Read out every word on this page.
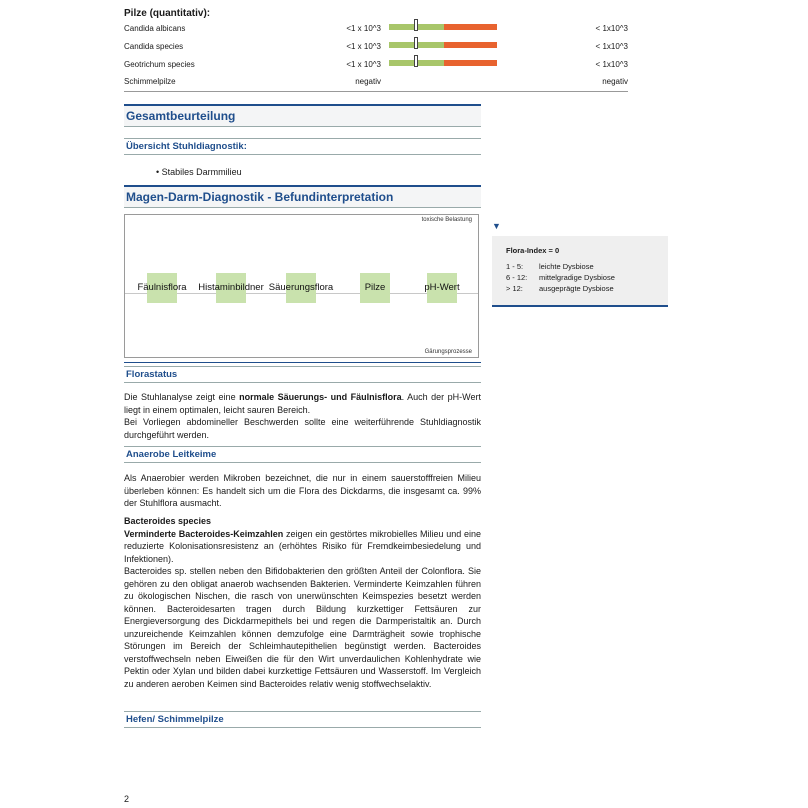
Pilze (quantitativ):
Candida albicans	<1 x 10^3	< 1x10^3
Candida species	<1 x 10^3	< 1x10^3
Geotrichum species	<1 x 10^3	< 1x10^3
Schimmelpilze	negativ	negativ
Gesamtbeurteilung
Übersicht Stuhldiagnostik:
• Stabiles Darmmilieu
Magen-Darm-Diagnostik - Befundinterpretation
toxische Belastung
Fäulnisflora Histaminbildner Säuerungsflora	Pilze	pH-Wert
Gärungsprozesse
▼
Flora-Index = 0
1 - 5:	leichte Dysbiose
6 - 12:	mittelgradige Dysbiose
> 12:	ausgeprägte Dysbiose
Florastatus
Die Stuhlanalyse zeigt eine normale Säuerungs- und Fäulnisflora. Auch der pH-Wert liegt in einem optimalen, leicht sauren Bereich.
Bei Vorliegen abdomineller Beschwerden sollte eine weiterführende Stuhldiagnostik durchgeführt werden.
Anaerobe Leitkeime
Als Anaerobier werden Mikroben bezeichnet, die nur in einem sauerstofffreien Milieu überleben können: Es handelt sich um die Flora des Dickdarms, die insgesamt ca. 99% der Stuhlflora ausmacht.
Bacteroides species
Verminderte Bacteroides-Keimzahlen zeigen ein gestörtes mikrobielles Milieu und eine reduzierte Kolonisationsresistenz an (erhöhtes Risiko für Fremdkeimbesiedelung und Infektionen).
Bacteroides sp. stellen neben den Bifidobakterien den größten Anteil der Colonflora. Sie gehören zu den obligat anaerob wachsenden Bakterien. Verminderte Keimzahlen führen zu ökologischen Nischen, die rasch von unerwünschten Keimspezies besetzt werden können. Bacteroidesarten tragen durch Bildung kurzkettiger Fettsäuren zur Energieversorgung des Dickdarmepithels bei und regen die Darmperistaltik an. Durch unzureichende Keimzahlen können demzufolge eine Darmträgheit sowie trophische Störungen im Bereich der Schleimhautepithelien begünstigt werden. Bacteroides verstoffwechseln neben Eiweißen die für den Wirt unverdaulichen Kohlenhydrate wie Pektin oder Xylan und bilden dabei kurzkettige Fettsäuren und Wasserstoff. Im Vergleich zu anderen aeroben Keimen sind Bacteroides relativ wenig stoffwechselaktiv.
Hefen/ Schimmelpilze
2
